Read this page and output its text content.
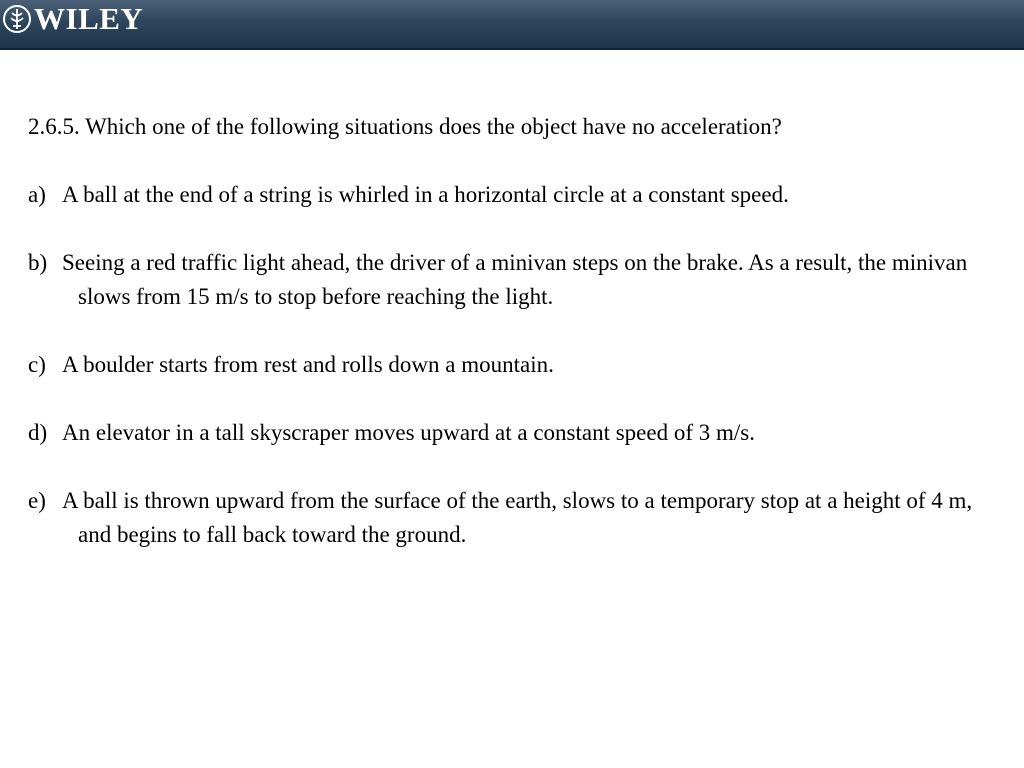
WILEY

2.6.5. Which one of the following situations does the object have no acceleration?

a) A ball at the end of a string is whirled in a horizontal circle at a constant speed.

b) Seeing a red traffic light ahead, the driver of a minivan steps on the brake. As a result, the minivan slows from 15 m/s to stop before reaching the light.

c) A boulder starts from rest and rolls down a mountain.

d) An elevator in a tall skyscraper moves upward at a constant speed of 3 m/s.

e) A ball is thrown upward from the surface of the earth, slows to a temporary stop at a height of 4 m, and begins to fall back toward the ground.
